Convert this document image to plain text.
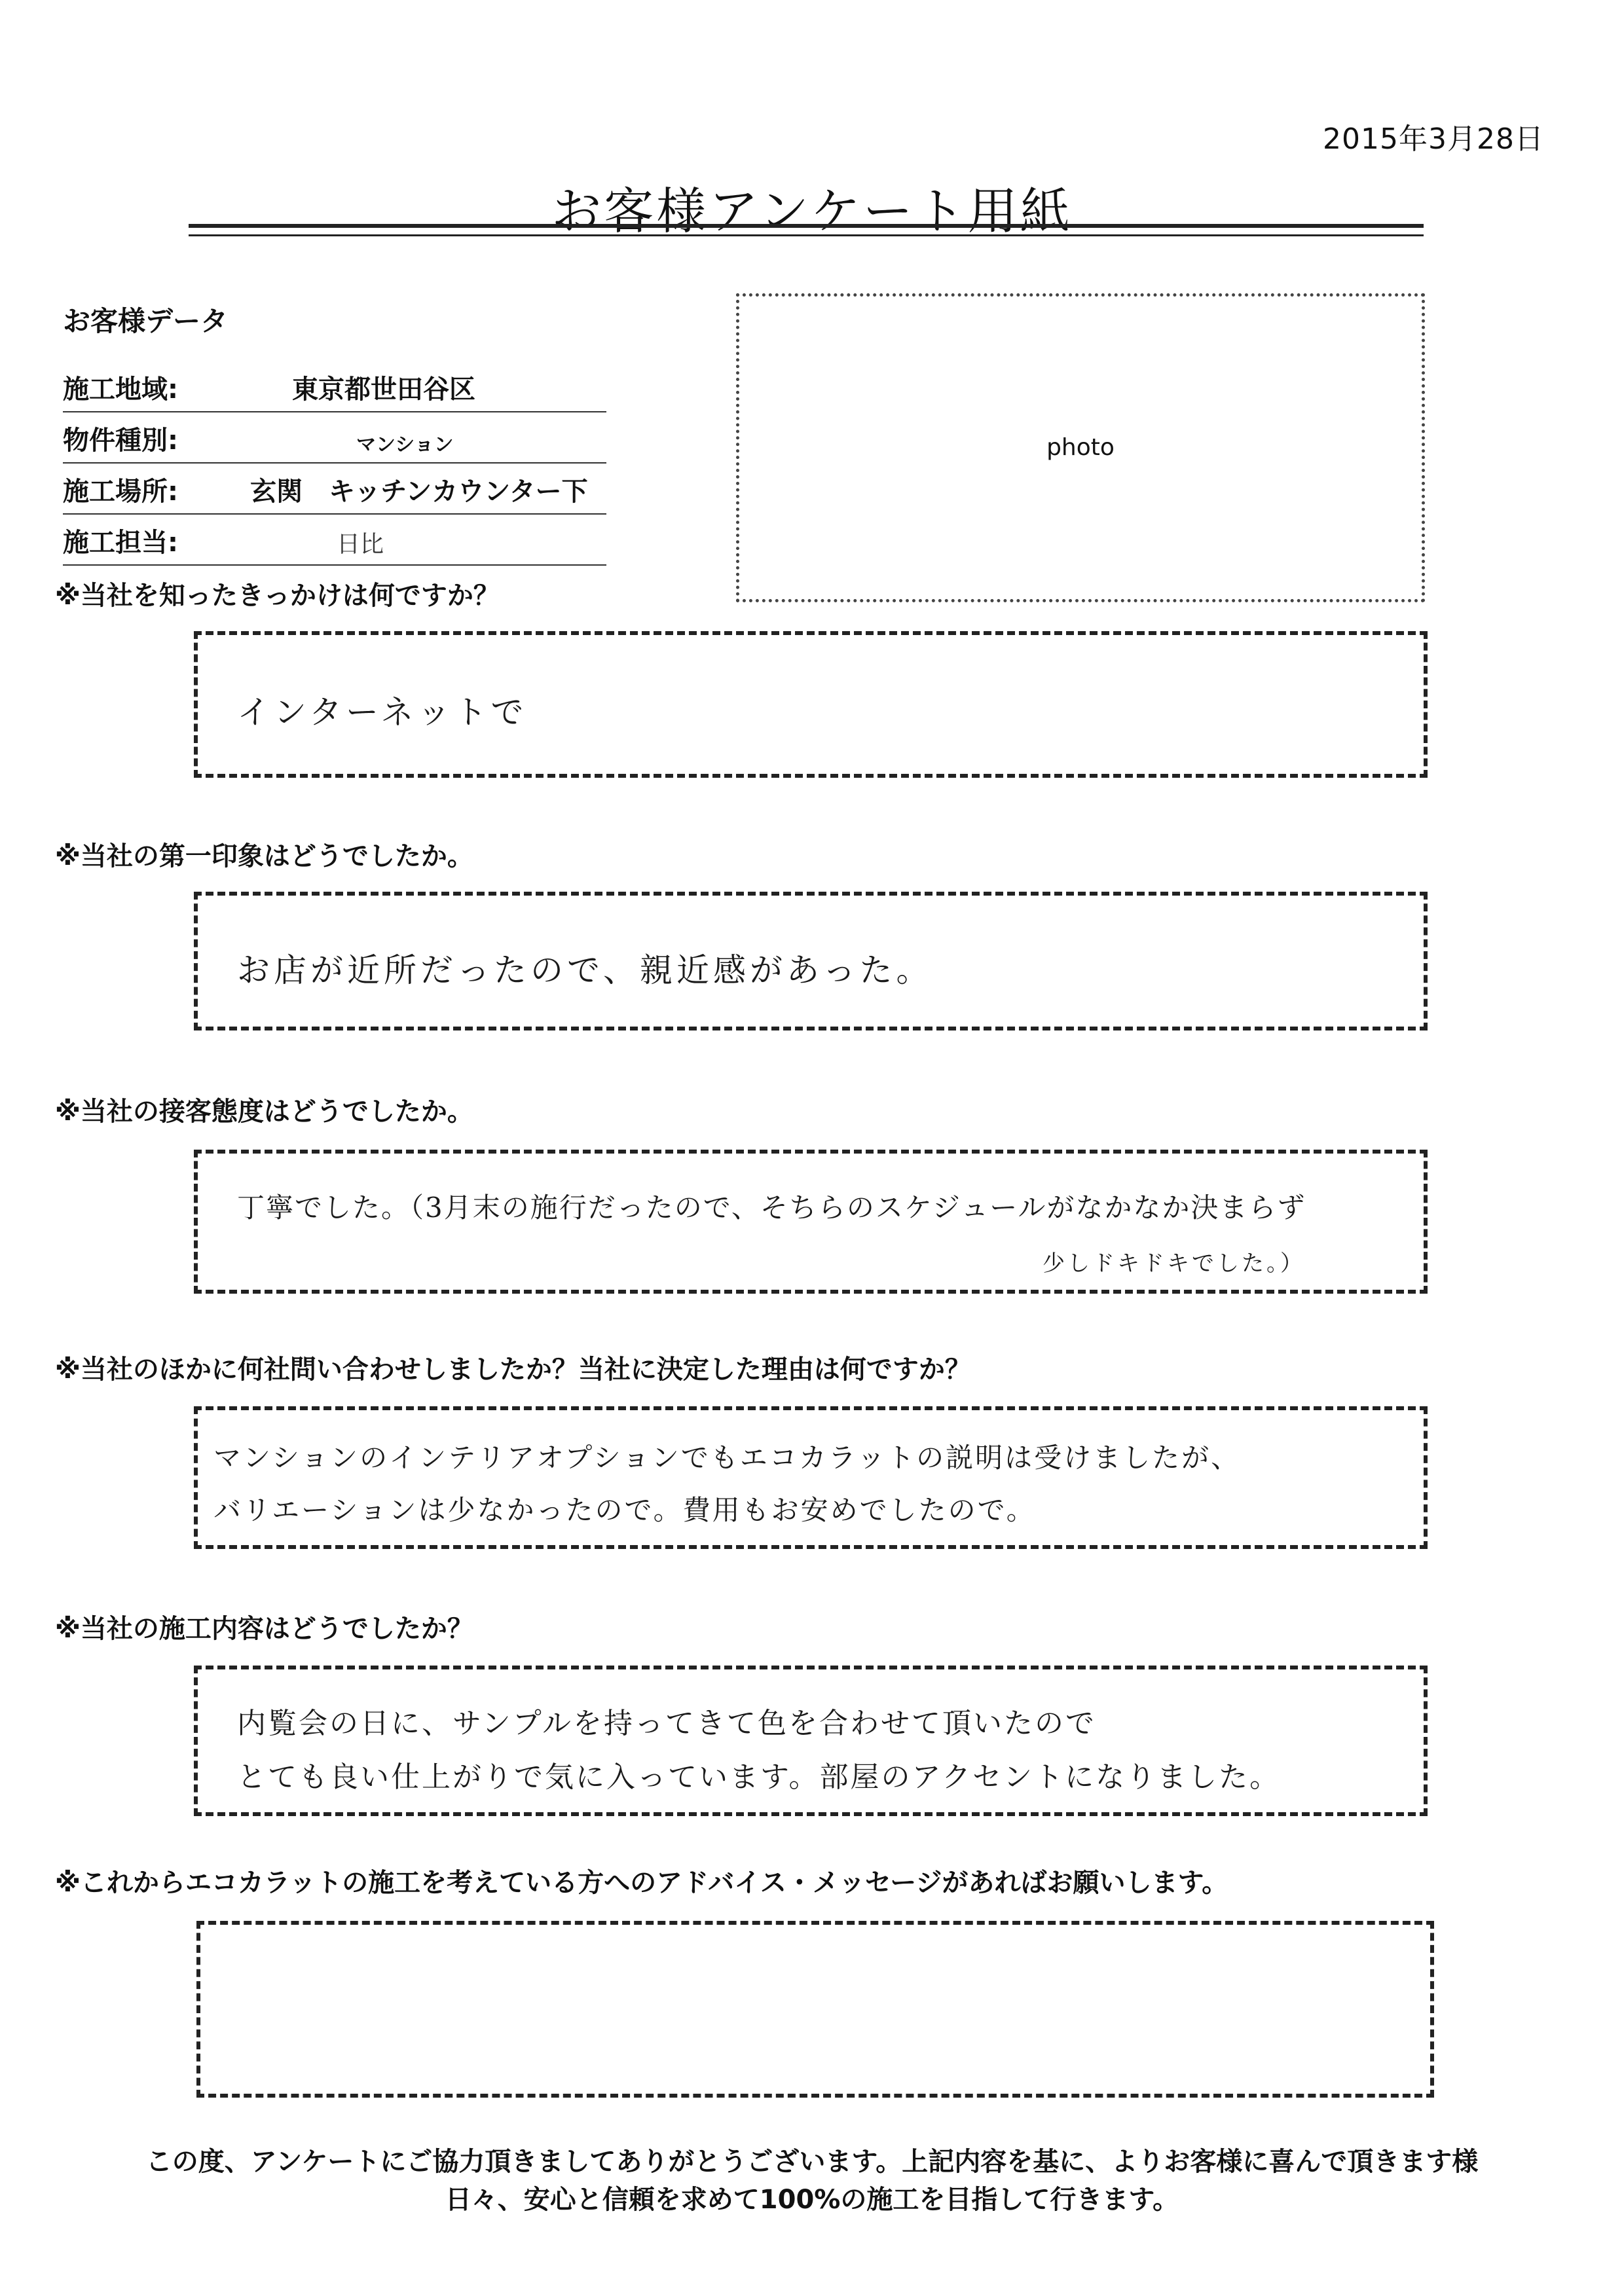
2015年3月28日
お客様アンケート用紙
お客様データ
施工地域:	東京都世田谷区
物件種別:	マンション
施工場所:	玄関　キッチンカウンター下
施工担当:	日比
photo
※当社を知ったきっかけは何ですか？
インターネットで
※当社の第一印象はどうでしたか。
お店が近所だったので、親近感があった。
※当社の接客態度はどうでしたか。
丁寧でした。（3月末の施行だったので、そちらのスケジュールがなかなか決まらず
少しドキドキでした。）
※当社のほかに何社問い合わせしましたか？当社に決定した理由は何ですか？
マンションのインテリアオプションでもエコカラットの説明は受けましたが、
バリエーションは少なかったので。費用もお安めでしたので。
※当社の施工内容はどうでしたか？
内覧会の日に、サンプルを持ってきて色を合わせて頂いたので
とても良い仕上がりで気に入っています。部屋のアクセントになりました。
※これからエコカラットの施工を考えている方へのアドバイス・メッセージがあればお願いします。
この度、アンケートにご協力頂きましてありがとうございます。上記内容を基に、よりお客様に喜んで頂きます様
日々、安心と信頼を求めて100%の施工を目指して行きます。
